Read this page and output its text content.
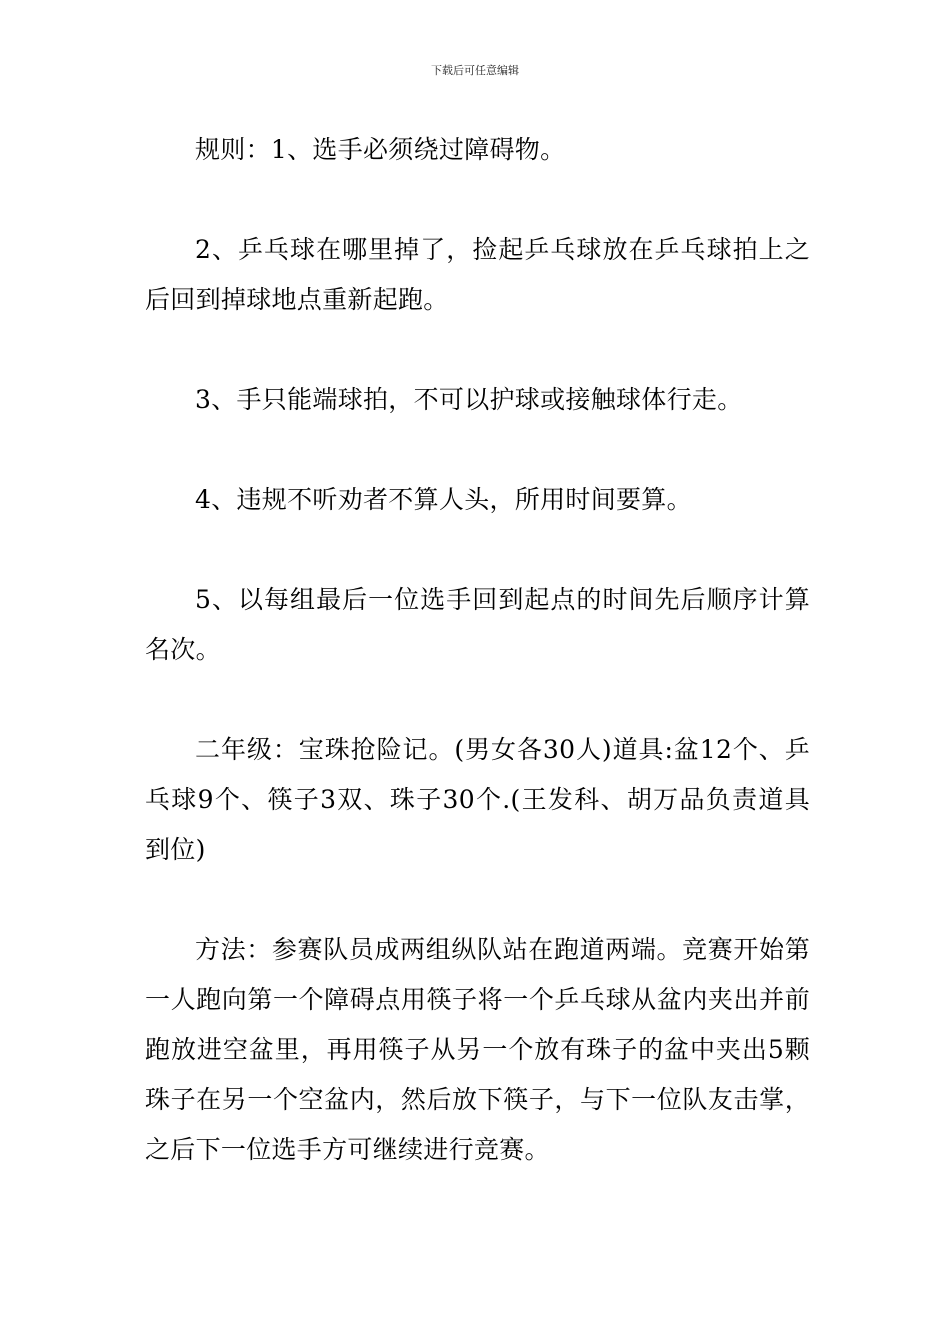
下载后可任意编辑

规则：1、选手必须绕过障碍物。

2、乒乓球在哪里掉了，捡起乒乓球放在乒乓球拍上之后回到掉球地点重新起跑。

3、手只能端球拍，不可以护球或接触球体行走。

4、违规不听劝者不算人头，所用时间要算。

5、以每组最后一位选手回到起点的时间先后顺序计算名次。

二年级：宝珠抢险记。(男女各30人)道具:盆12个、乒乓球9个、筷子3双、珠子30个.(王发科、胡万品负责道具到位)

方法：参赛队员成两组纵队站在跑道两端。竞赛开始第一人跑向第一个障碍点用筷子将一个乒乓球从盆内夹出并前跑放进空盆里，再用筷子从另一个放有珠子的盆中夹出5颗珠子在另一个空盆内，然后放下筷子，与下一位队友击掌，之后下一位选手方可继续进行竞赛。
